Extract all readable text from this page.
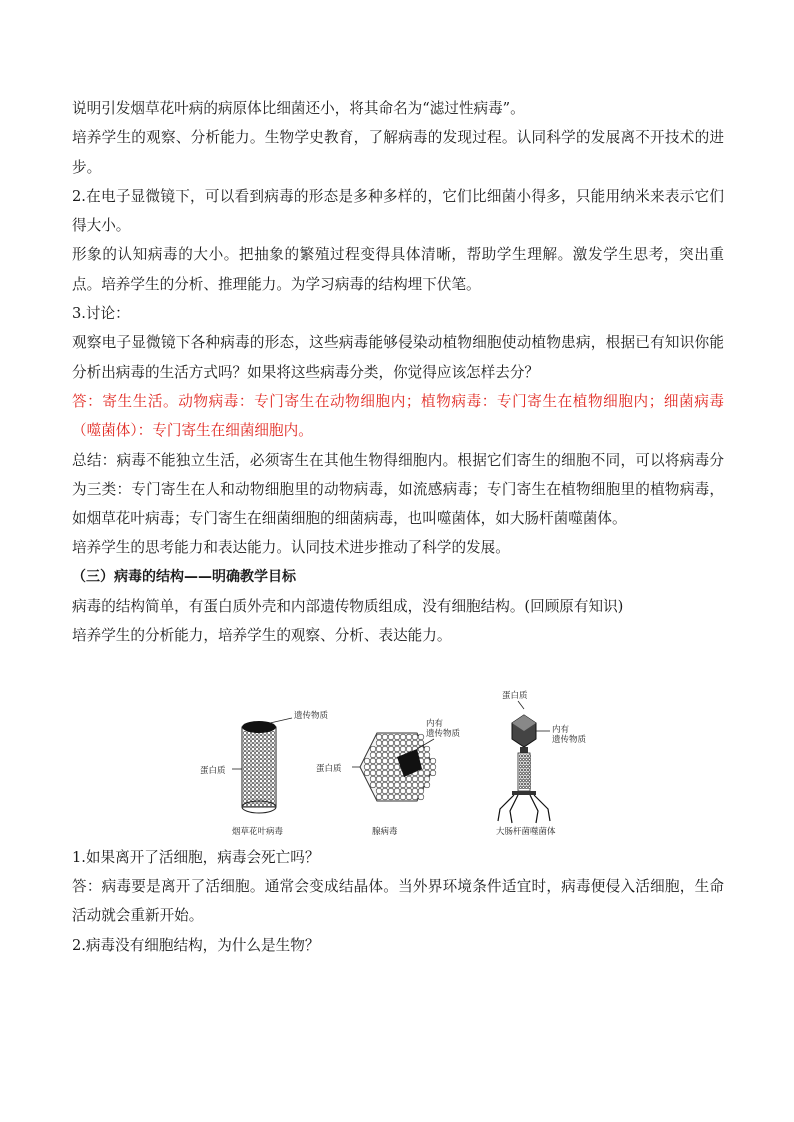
说明引发烟草花叶病的病原体比细菌还小，将其命名为“滤过性病毒”。

培养学生的观察、分析能力。生物学史教育，了解病毒的发现过程。认同科学的发展离不开技术的进步。

2.在电子显微镜下，可以看到病毒的形态是多种多样的，它们比细菌小得多，只能用纳米来表示它们得大小。

形象的认知病毒的大小。把抽象的繁殖过程变得具体清晰，帮助学生理解。激发学生思考，突出重点。培养学生的分析、推理能力。为学习病毒的结构埋下伏笔。

3.讨论：

观察电子显微镜下各种病毒的形态，这些病毒能够侵染动植物细胞使动植物患病，根据已有知识你能分析出病毒的生活方式吗？如果将这些病毒分类，你觉得应该怎样去分？

答：寄生生活。动物病毒：专门寄生在动物细胞内；植物病毒：专门寄生在植物细胞内；细菌病毒（噬菌体）：专门寄生在细菌细胞内。

总结：病毒不能独立生活，必须寄生在其他生物得细胞内。根据它们寄生的细胞不同，可以将病毒分为三类：专门寄生在人和动物细胞里的动物病毒，如流感病毒；专门寄生在植物细胞里的植物病毒，如烟草花叶病毒；专门寄生在细菌细胞的细菌病毒，也叫噬菌体，如大肠杆菌噬菌体。

培养学生的思考能力和表达能力。认同技术进步推动了科学的发展。

（三）病毒的结构——明确教学目标

病毒的结构简单，有蛋白质外壳和内部遗传物质组成，没有细胞结构。(回顾原有知识)

培养学生的分析能力，培养学生的观察、分析、表达能力。

遗传物质
蛋白质
烟草花叶病毒
内有
遗传物质
蛋白质
腺病毒
蛋白质
内有
遗传物质
大肠杆菌噬菌体

1.如果离开了活细胞，病毒会死亡吗？

答：病毒要是离开了活细胞。通常会变成结晶体。当外界环境条件适宜时，病毒便侵入活细胞，生命活动就会重新开始。

2.病毒没有细胞结构，为什么是生物？
